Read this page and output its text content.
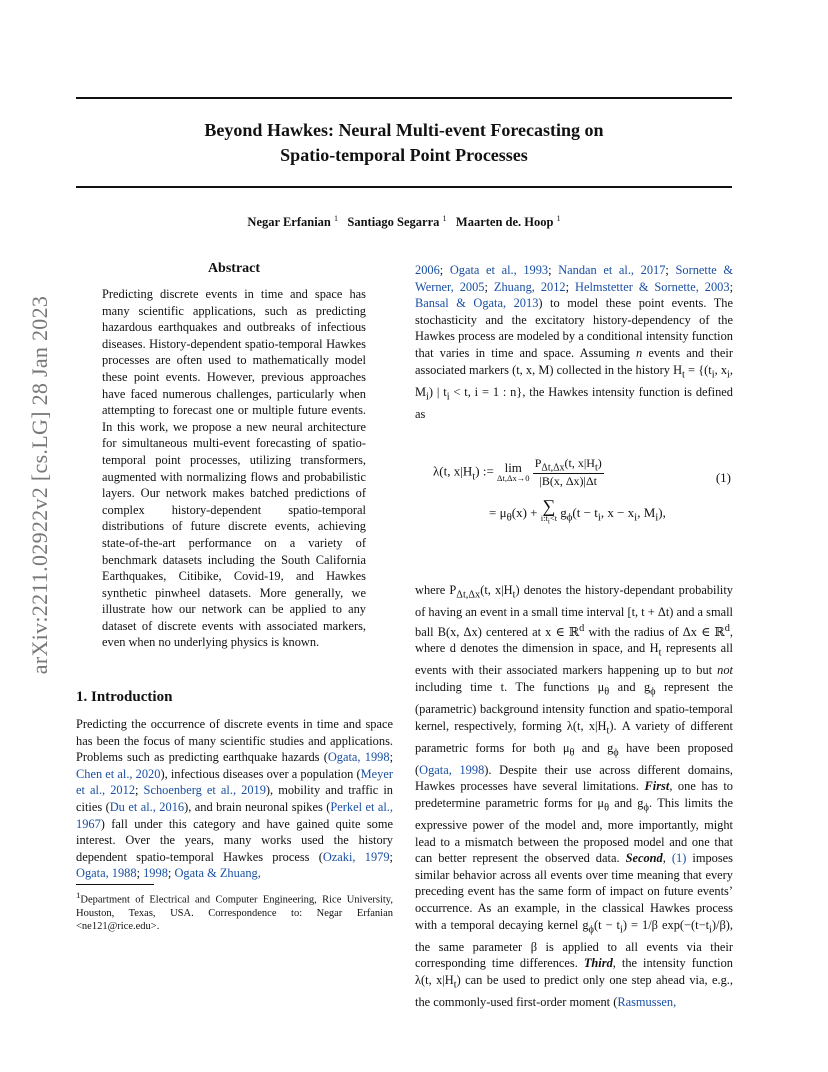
arXiv:2211.02922v2 [cs.LG] 28 Jan 2023
Beyond Hawkes: Neural Multi-event Forecasting on
Spatio-temporal Point Processes
Negar Erfanian $^1$ Santiago Segarra $^1$ Maarten de. Hoop $^1$
Abstract
Predicting discrete events in time and space has many scientific applications, such as predicting hazardous earthquakes and outbreaks of infectious diseases. History-dependent spatio-temporal Hawkes processes are often used to mathematically model these point events. However, previous approaches have faced numerous challenges, particularly when attempting to forecast one or multiple future events. In this work, we propose a new neural architecture for simultaneous multi-event forecasting of spatio-temporal point processes, utilizing transformers, augmented with normalizing flows and probabilistic layers. Our network makes batched predictions of complex history-dependent spatio-temporal distributions of future discrete events, achieving state-of-the-art performance on a variety of benchmark datasets including the South California Earthquakes, Citibike, Covid-19, and Hawkes synthetic pinwheel datasets. More generally, we illustrate how our network can be applied to any dataset of discrete events with associated markers, even when no underlying physics is known.
1. Introduction
Predicting the occurrence of discrete events in time and space has been the focus of many scientific studies and applications. Problems such as predicting earthquake hazards (Ogata, 1998; Chen et al., 2020), infectious diseases over a population (Meyer et al., 2012; Schoenberg et al., 2019), mobility and traffic in cities (Du et al., 2016), and brain neuronal spikes (Perkel et al., 1967) fall under this category and have gained quite some interest. Over the years, many works used the history dependent spatio-temporal Hawkes process (Ozaki, 1979; Ogata, 1988; 1998; Ogata & Zhuang,
$^1$Department of Electrical and Computer Engineering, Rice University, Houston, Texas, USA. Correspondence to: Negar Erfanian <ne121@rice.edu>.
2006; Ogata et al., 1993; Nandan et al., 2017; Sornette & Werner, 2005; Zhuang, 2012; Helmstetter & Sornette, 2003; Bansal & Ogata, 2013) to model these point events. The stochasticity and the excitatory history-dependency of the Hawkes process are modeled by a conditional intensity function that varies in time and space. Assuming n events and their associated markers (t, x, M) collected in the history $H_t = \{(t_i$, $x_i$, $M_i$) | $t_i < t$, i = 1 : n}, the Hawkes intensity function is defined as
λ(t, $x|H_t$) := lim
Δt,Δx→0
$\frac{P_{\Delta t,\Delta x}(t, x|H_t)}{|B(x, \Delta x)|\Delta t}$	(1)
= $\mu_\theta(x)$ + ∑
$i:t_i<t$ $g_\phi(t - t_i$, $x - x_i$, $M_i$),
where $P_{\Delta t,\Delta x}(t$, $x|H_t$) denotes the history-dependant probability of having an event in a small time interval [t, t + Δt) and a small ball B(x, Δx) centered at x ∈ ℝ$^d$ with the radius of Δx ∈ ℝ$^d$, where d denotes the dimension in space, and $H_t$ represents all events with their associated markers happening up to but not including time t. The functions $\mu_\theta$ and $g_\phi$ represent the (parametric) background intensity function and spatio-temporal kernel, respectively, forming λ(t, $x|H_t$). A variety of different parametric forms for both $\mu_\theta$ and $g_\phi$ have been proposed (Ogata, 1998). Despite their use across different domains, Hawkes processes have several limitations. First, one has to predetermine parametric forms for $\mu_\theta$ and $g_\phi$. This limits the expressive power of the model and, more importantly, might lead to a mismatch between the proposed model and one that can better represent the observed data. Second, (1) imposes similar behavior across all events over time meaning that every preceding event has the same form of impact on future events’ occurrence. As an example, in the classical Hawkes process with a temporal decaying kernel $g_\phi(t - t_i) = 1/\beta$ $\exp(-(t-t_i)/\beta)$, the same parameter β is applied to all events via their corresponding time differences. Third, the intensity function λ(t, $x|H_t$) can be used to predict only one step ahead via, e.g., the commonly-used first-order moment (Rasmussen,
